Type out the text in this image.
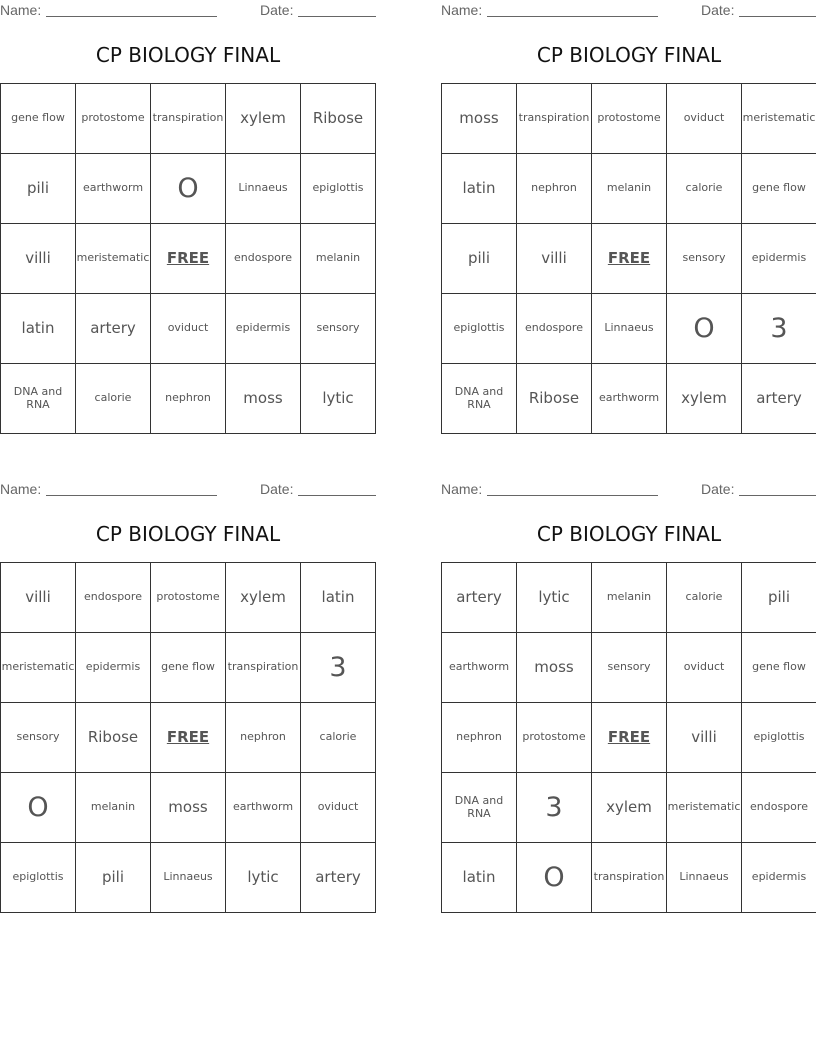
Name:	Date:
CP BIOLOGY FINAL
gene flow	protostome	transpiration	xylem	Ribose
pili	earthworm	O	Linnaeus	epiglottis
villi	meristematic	FREE	endospore	melanin
latin	artery	oviduct	epidermis	sensory
DNA and RNA	calorie	nephron	moss	lytic
Name:	Date:
CP BIOLOGY FINAL
moss	transpiration	protostome	oviduct	meristematic
latin	nephron	melanin	calorie	gene flow
pili	villi	FREE	sensory	epidermis
epiglottis	endospore	Linnaeus	O	3
DNA and RNA	Ribose	earthworm	xylem	artery
Name:	Date:
CP BIOLOGY FINAL
villi	endospore	protostome	xylem	latin
meristematic	epidermis	gene flow	transpiration	3
sensory	Ribose	FREE	nephron	calorie
O	melanin	moss	earthworm	oviduct
epiglottis	pili	Linnaeus	lytic	artery
Name:	Date:
CP BIOLOGY FINAL
artery	lytic	melanin	calorie	pili
earthworm	moss	sensory	oviduct	gene flow
nephron	protostome	FREE	villi	epiglottis
DNA and RNA	3	xylem	meristematic	endospore
latin	O	transpiration	Linnaeus	epidermis
